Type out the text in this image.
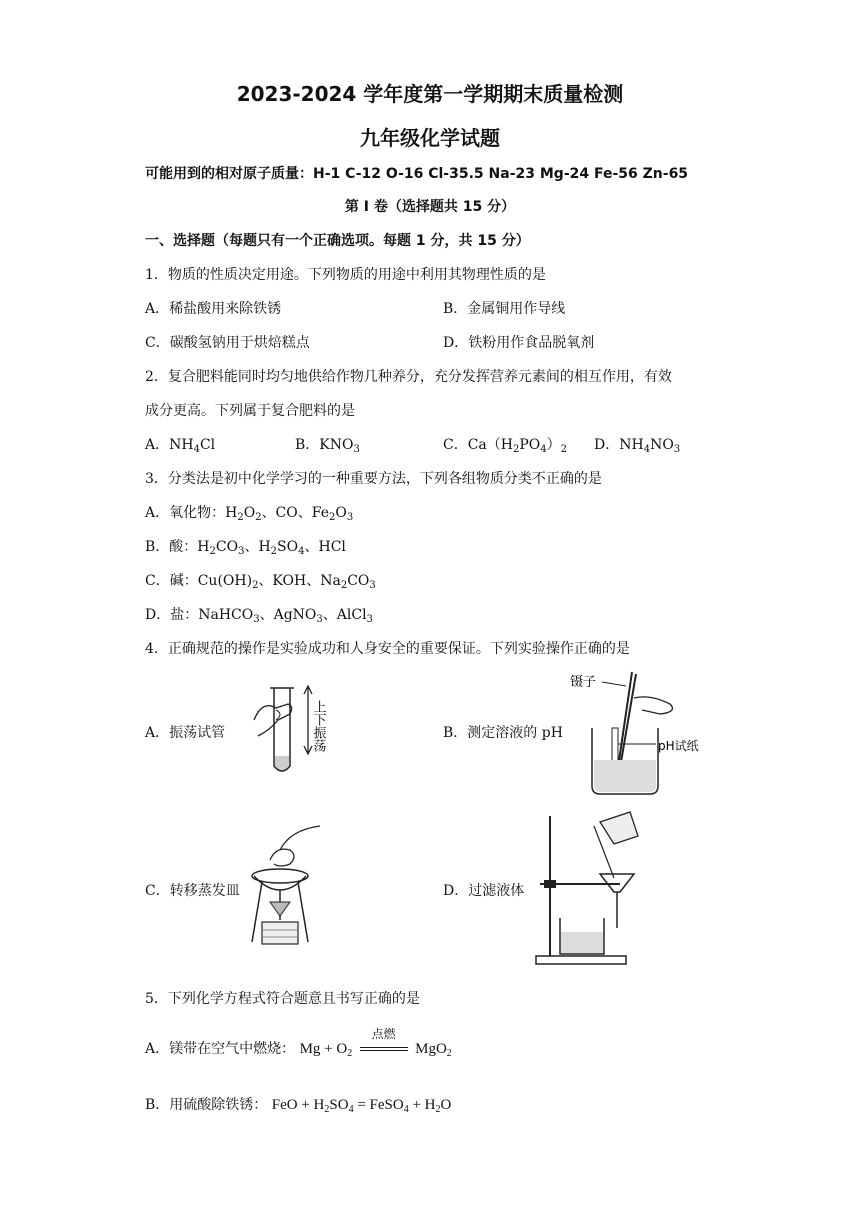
2023-2024 学年度第一学期期末质量检测
九年级化学试题
可能用到的相对原子质量：H-1 C-12 O-16 Cl-35.5 Na-23 Mg-24 Fe-56 Zn-65
第 I 卷（选择题共 15 分）
一、选择题（每题只有一个正确选项。每题 1 分，共 15 分）
1．物质的性质决定用途。下列物质的用途中利用其物理性质的是
A．稀盐酸用来除铁锈	B．金属铜用作导线
C．碳酸氢钠用于烘焙糕点	D．铁粉用作食品脱氧剂
2．复合肥料能同时均匀地供给作物几种养分，充分发挥营养元素间的相互作用，有效
成分更高。下列属于复合肥料的是
A．$NH_4Cl$	B．$KNO_3$	C．$Ca(H_2PO_4)_2$ D．$NH_4NO_3$
3．分类法是初中化学学习的一种重要方法，下列各组物质分类不正确的是
A．氧化物：$H_2O_2$、CO、$Fe_2O_3$
B．酸：$H_2CO_3$、$H_2SO_4$、HCl
C．碱：$Cu(OH)_2$、KOH、$Na_2CO_3$
D．盐：NaHCO$_3$、AgNO$_3$、AlCl$_3$
4．正确规范的操作是实验成功和人身安全的重要保证。下列实验操作正确的是
A．振荡试管	B．测定溶液的 pH
C．转移蒸发皿	D．过滤液体
上下振荡
镊子
pH试纸
5．下列化学方程式符合题意且书写正确的是
A．镁带在空气中燃烧： $Mg + O_2$
点燃
MgO$_2$
B．用硫酸除铁锈： FeO + $H_2SO_4$ = FeSO$_4$ + $H_2O$
